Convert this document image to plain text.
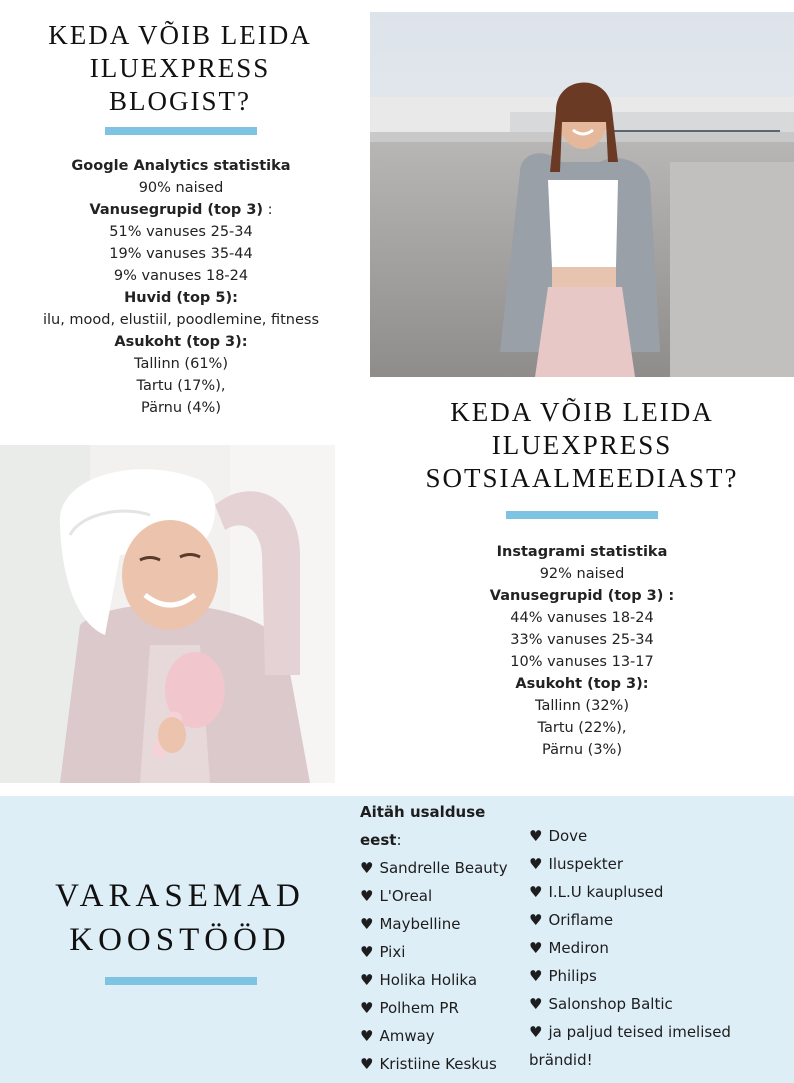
KEDA VÕIB LEIDA
ILUEXPRESS
BLOGIST?
Google Analytics statistika
90% naised
Vanusegrupid (top 3) :
51% vanuses 25-34
19% vanuses 35-44
9% vanuses 18-24
Huvid (top 5):
ilu, mood, elustiil, poodlemine, fitness
Asukoht (top 3):
Tallinn (61%)
Tartu (17%),
Pärnu (4%)	KEDA VÕIB LEIDA
ILUEXPRESS
SOTSIAALMEEDIAST?
Instagrami statistika
92% naised
Vanusegrupid (top 3) :
44% vanuses 18-24
33% vanuses 25-34
10% vanuses 13-17
Asukoht (top 3):
Tallinn (32%)
Tartu (22%),
Pärnu (3%)
VARASEMAD
KOOSTÖÖD
Aitäh usalduse
eest:
♥ Sandrelle Beauty
♥ L'Oreal
♥ Maybelline
♥ Pixi
♥ Holika Holika
♥ Polhem PR
♥ Amway
♥ Kristiine Keskus
♥ Dove
♥ Iluspekter
♥ I.L.U kauplused
♥ Oriflame
♥ Mediron
♥ Philips
♥ Salonshop Baltic
♥ ja paljud teised imelised
brändid!
